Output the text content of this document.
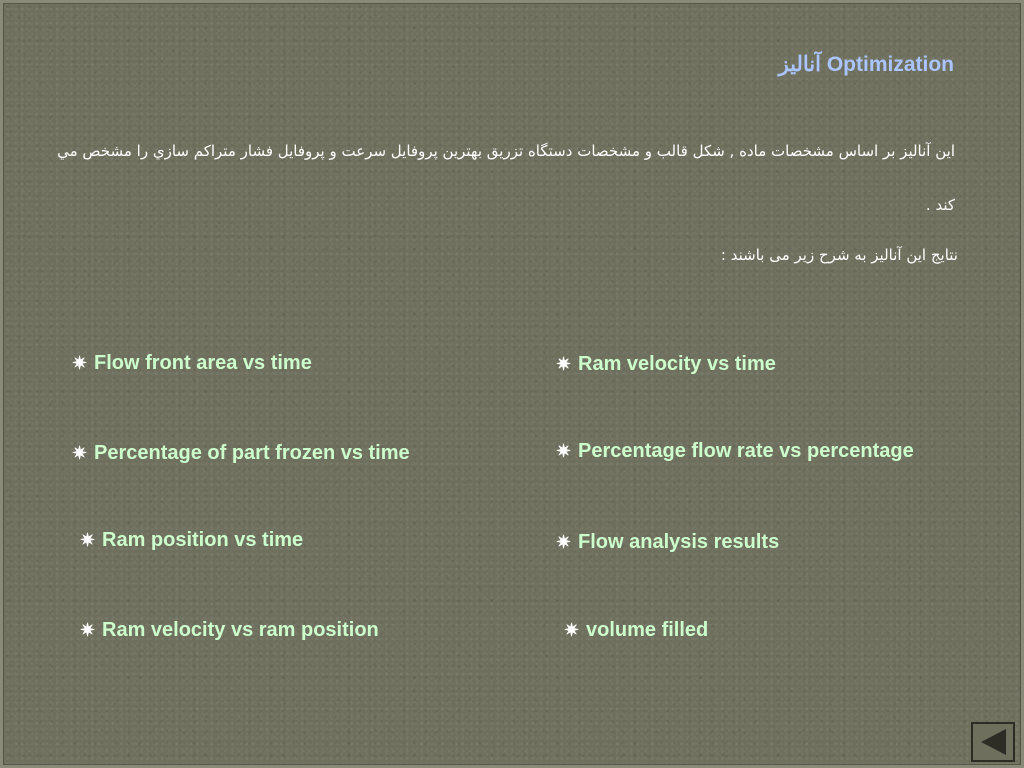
Optimization آنالیز
این آنالیز بر اساس مشخصات ماده , شکل قالب و مشخصات دستگاه تزریق بهترین پروفایل سرعت و پروفایل فشار متراکم سازي را مشخص مي کند .
نتایج این آنالیز به شرح زیر می باشند :
✷ Flow front area vs time
✷ Percentage of part frozen vs time
✷ Ram position vs time
✷ Ram velocity vs ram position
✷ Ram velocity vs time
✷ Percentage flow rate vs percentage
✷ Flow analysis results
✷ volume filled
